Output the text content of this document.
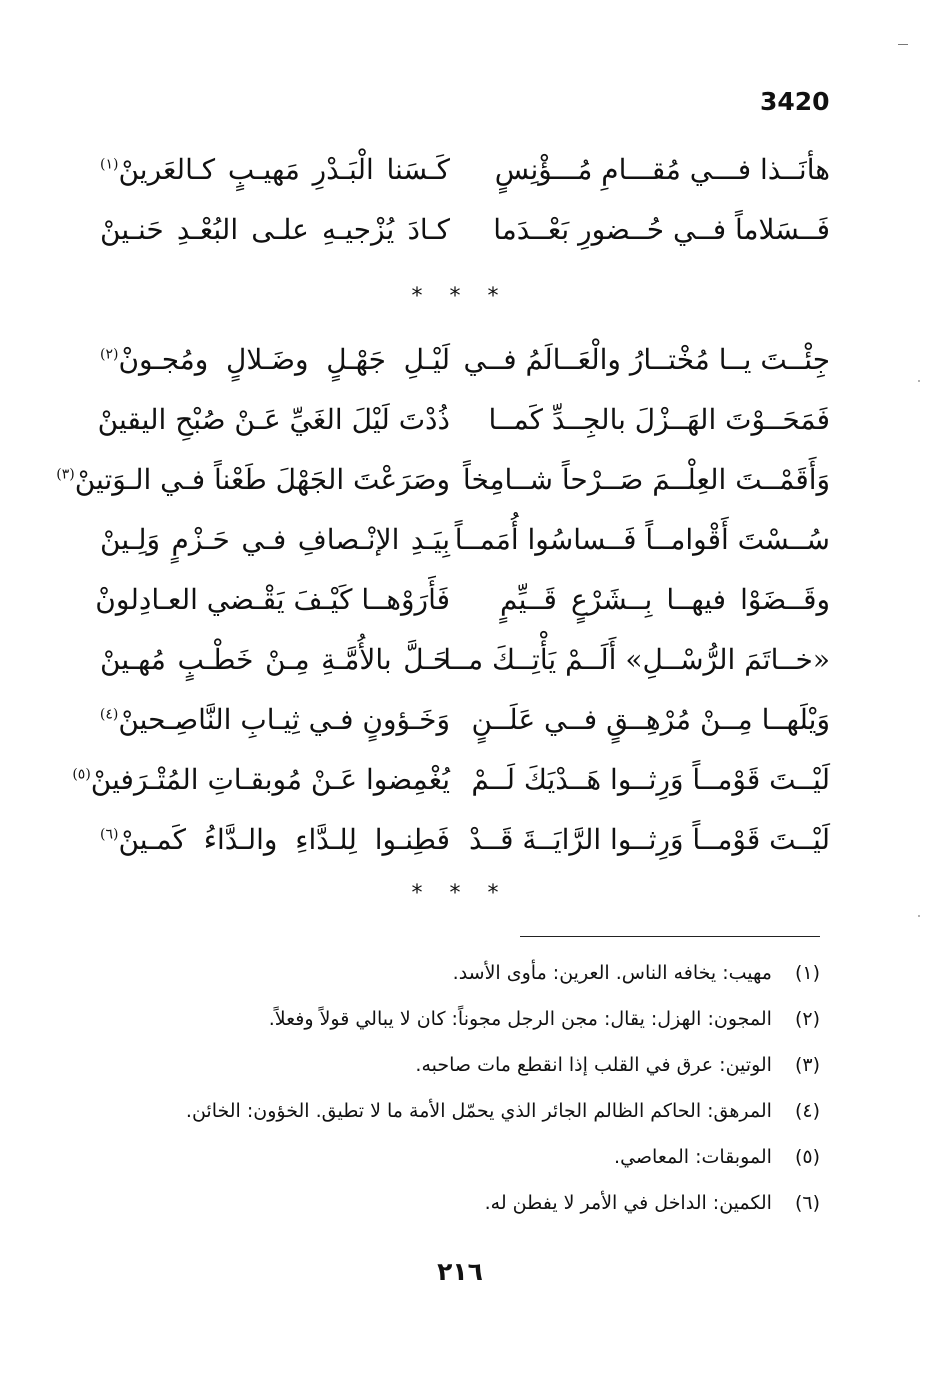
3420
هأنَــذا فـــي مُقـــامِ مُـــؤْنِسٍ
كَـسَنا الْبَـدْرِ مَهيـبٍ كـالعَرينْ$^{(١)}$
فَــسَلاماً فــي حُــضورِ بَعْــدَما
كـادَ يُزْجيـهِ علـى البُعْـدِ حَنـينْ
* * *
جِئْــتَ يــا مُخْتــارُ والْعَــالَمُ فــي
لَيْـلِ جَهْـلٍ وضَـلالٍ ومُجـونْ$^{(٢)}$
فَمَحَــوْتَ الهَــزْلَ بالجِــدِّ كَمــا
ذُدْتَ لَيْلَ الغَيِّ عَـنْ صُبْحِ اليقينْ
وَأَقَمْــتَ العِلْــمَ صَــرْحاً شــامِخاً
وصَرَعْتَ الجَهْلَ طَعْناً فـي الـوَتينْ$^{(٣)}$
سُــسْتَ أَقْوامــاً فَــساسُوا أُمَمــاً
بِيَـدِ الإنْـصافِ فـي حَـزْمٍ وَلِـينْ
وقَــضَوْا فيهــا بِــشَرْعٍ قَــيِّمٍ
فَأَرَوْهــا كَيْـفَ يَقْـضي العـادِلونْ
«خــاتَمَ الرُّسْــلِ» أَلَــمْ يَأْتِــكَ مــا
حَـلَّ بالأُمَّـةِ مِـنْ خَطْـبٍ مُهـينْ
وَيْلَهــا مِــنْ مُرْهِــقٍ فــي عَلَــنٍ
وَخَـؤونٍ فـي ثِيـابِ النَّاصِـحينْ$^{(٤)}$
لَيْــتَ قَوْمــاً وَرِثــوا هَــدْيَكَ لَــمْ
يُغْمِضوا عَـنْ مُوبقـاتِ المُتْـرَفينْ$^{(٥)}$
لَيْــتَ قَوْمــاً وَرِثــوا الرَّايَــةَ قَــدْ
فَطِنـوا لِلـدَّاءِ والـدَّاءُ كَمـينْ$^{(٦)}$
* * *
(١) مهيب: يخافه الناس. العرين: مأوى الأسد.
(٢) المجون: الهزل: يقال: مجن الرجل مجوناً: كان لا يبالي قولاً وفعلاً.
(٣) الوتين: عرق في القلب إذا انقطع مات صاحبه.
(٤) المرهق: الحاكم الظالم الجائر الذي يحمّل الأمة ما لا تطيق. الخؤون: الخائن.
(٥) الموبقات: المعاصي.
(٦) الكمين: الداخل في الأمر لا يفطن له.
٢١٦
